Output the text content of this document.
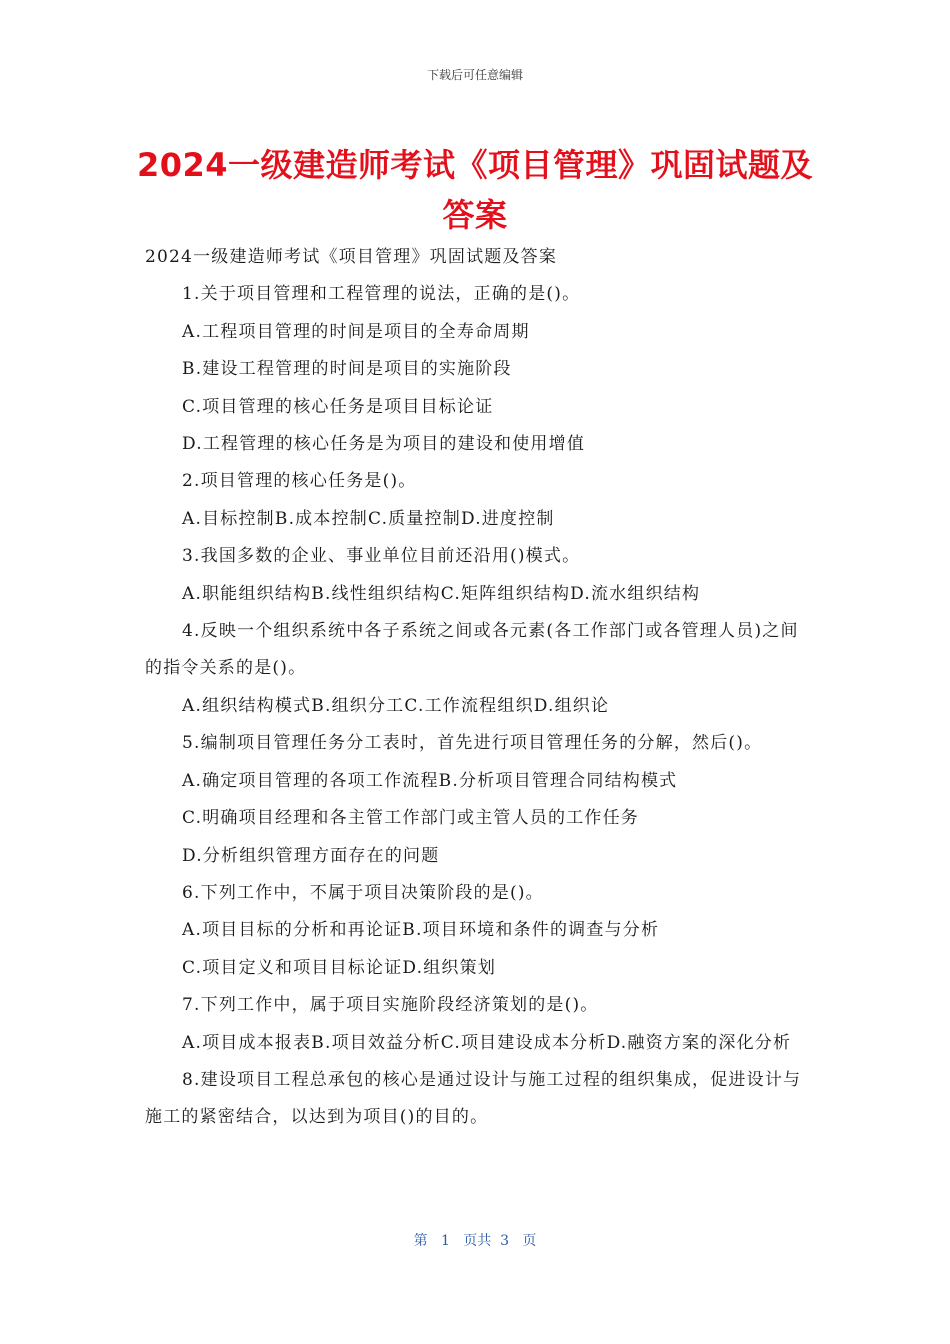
下载后可任意编辑
2024一级建造师考试《项目管理》巩固试题及答案

2024一级建造师考试《项目管理》巩固试题及答案

1.关于项目管理和工程管理的说法，正确的是()。

A.工程项目管理的时间是项目的全寿命周期

B.建设工程管理的时间是项目的实施阶段

C.项目管理的核心任务是项目目标论证

D.工程管理的核心任务是为项目的建设和使用增值

2.项目管理的核心任务是()。

A.目标控制B.成本控制C.质量控制D.进度控制

3.我国多数的企业、事业单位目前还沿用()模式。

A.职能组织结构B.线性组织结构C.矩阵组织结构D.流水组织结构

4.反映一个组织系统中各子系统之间或各元素(各工作部门或各管理人员)之间的指令关系的是()。

A.组织结构模式B.组织分工C.工作流程组织D.组织论

5.编制项目管理任务分工表时，首先进行项目管理任务的分解，然后()。

A.确定项目管理的各项工作流程B.分析项目管理合同结构模式

C.明确项目经理和各主管工作部门或主管人员的工作任务

D.分析组织管理方面存在的问题

6.下列工作中，不属于项目决策阶段的是()。

A.项目目标的分析和再论证B.项目环境和条件的调查与分析

C.项目定义和项目目标论证D.组织策划

7.下列工作中，属于项目实施阶段经济策划的是()。

A.项目成本报表B.项目效益分析C.项目建设成本分析D.融资方案的深化分析

8.建设项目工程总承包的核心是通过设计与施工过程的组织集成，促进设计与施工的紧密结合，以达到为项目()的目的。

第 1 页共 3 页
